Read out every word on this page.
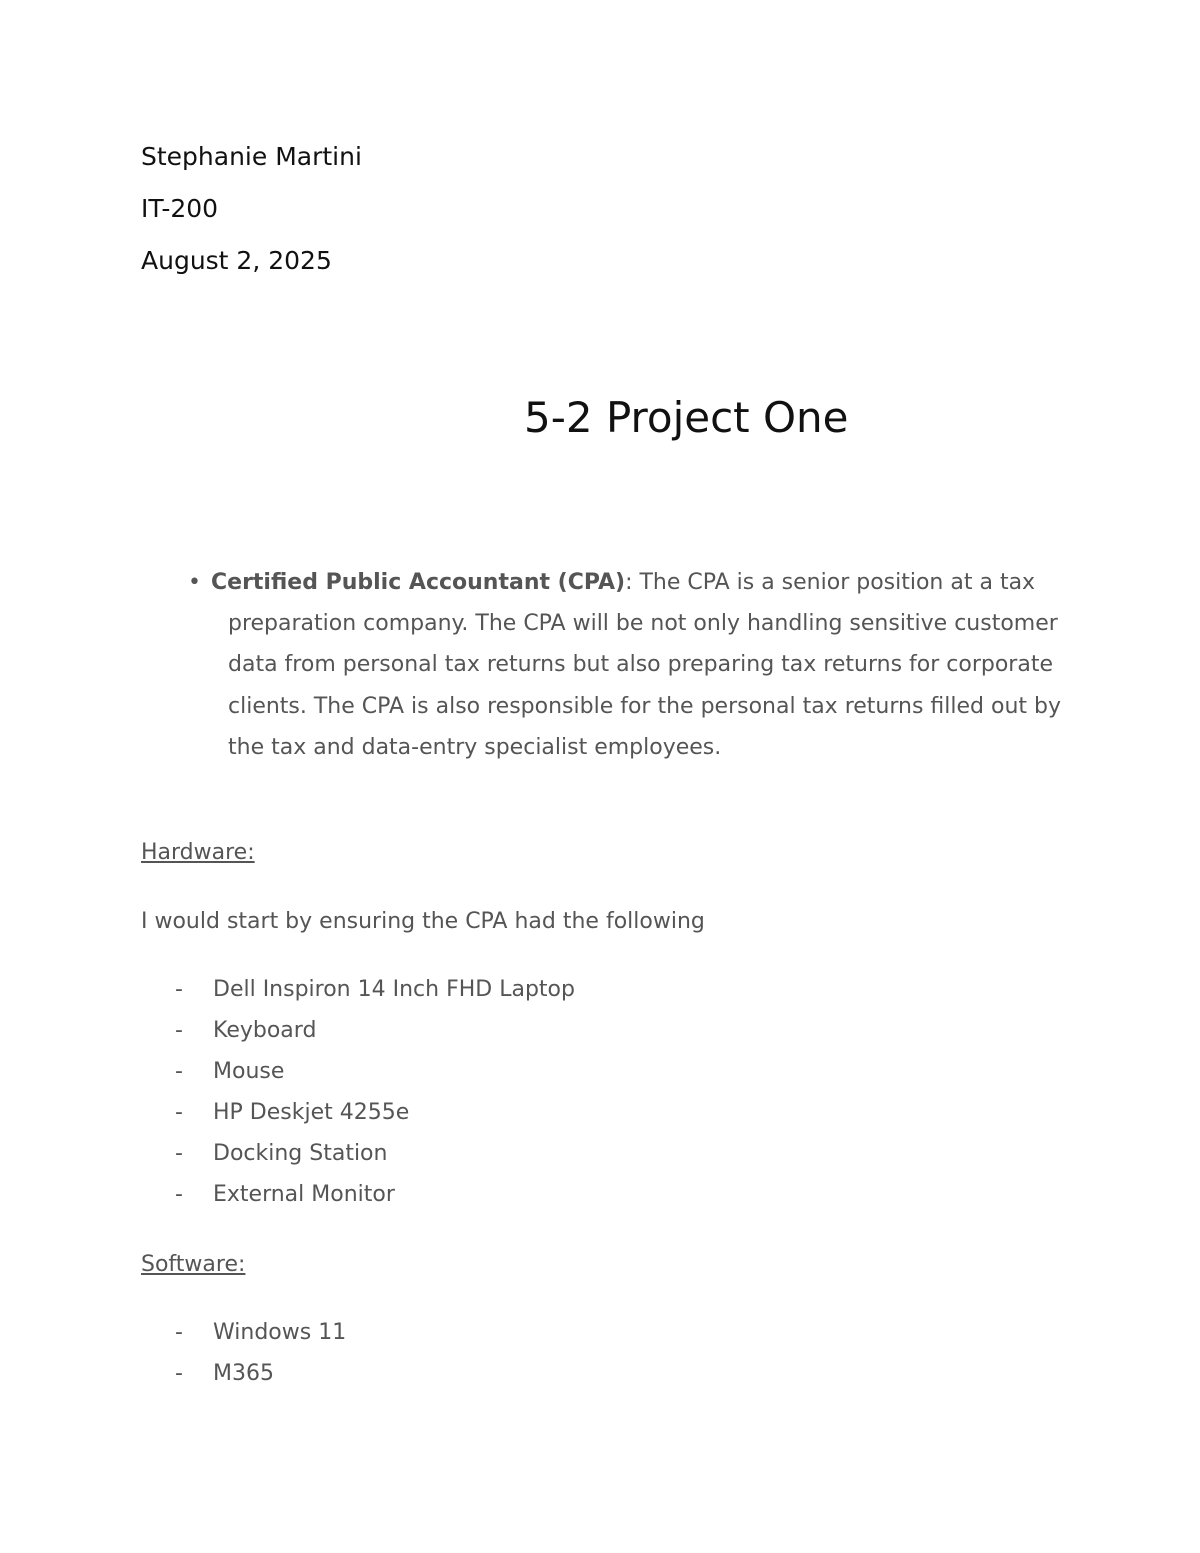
Stephanie Martini
IT-200
August 2, 2025
5-2 Project One
• Certified Public Accountant (CPA): The CPA is a senior position at a tax preparation company. The CPA will be not only handling sensitive customer data from personal tax returns but also preparing tax returns for corporate clients. The CPA is also responsible for the personal tax returns filled out by the tax and data-entry specialist employees.
Hardware:
I would start by ensuring the CPA had the following
- Dell Inspiron 14 Inch FHD Laptop
- Keyboard
- Mouse
- HP Deskjet 4255e
- Docking Station
- External Monitor
Software:
- Windows 11
- M365
